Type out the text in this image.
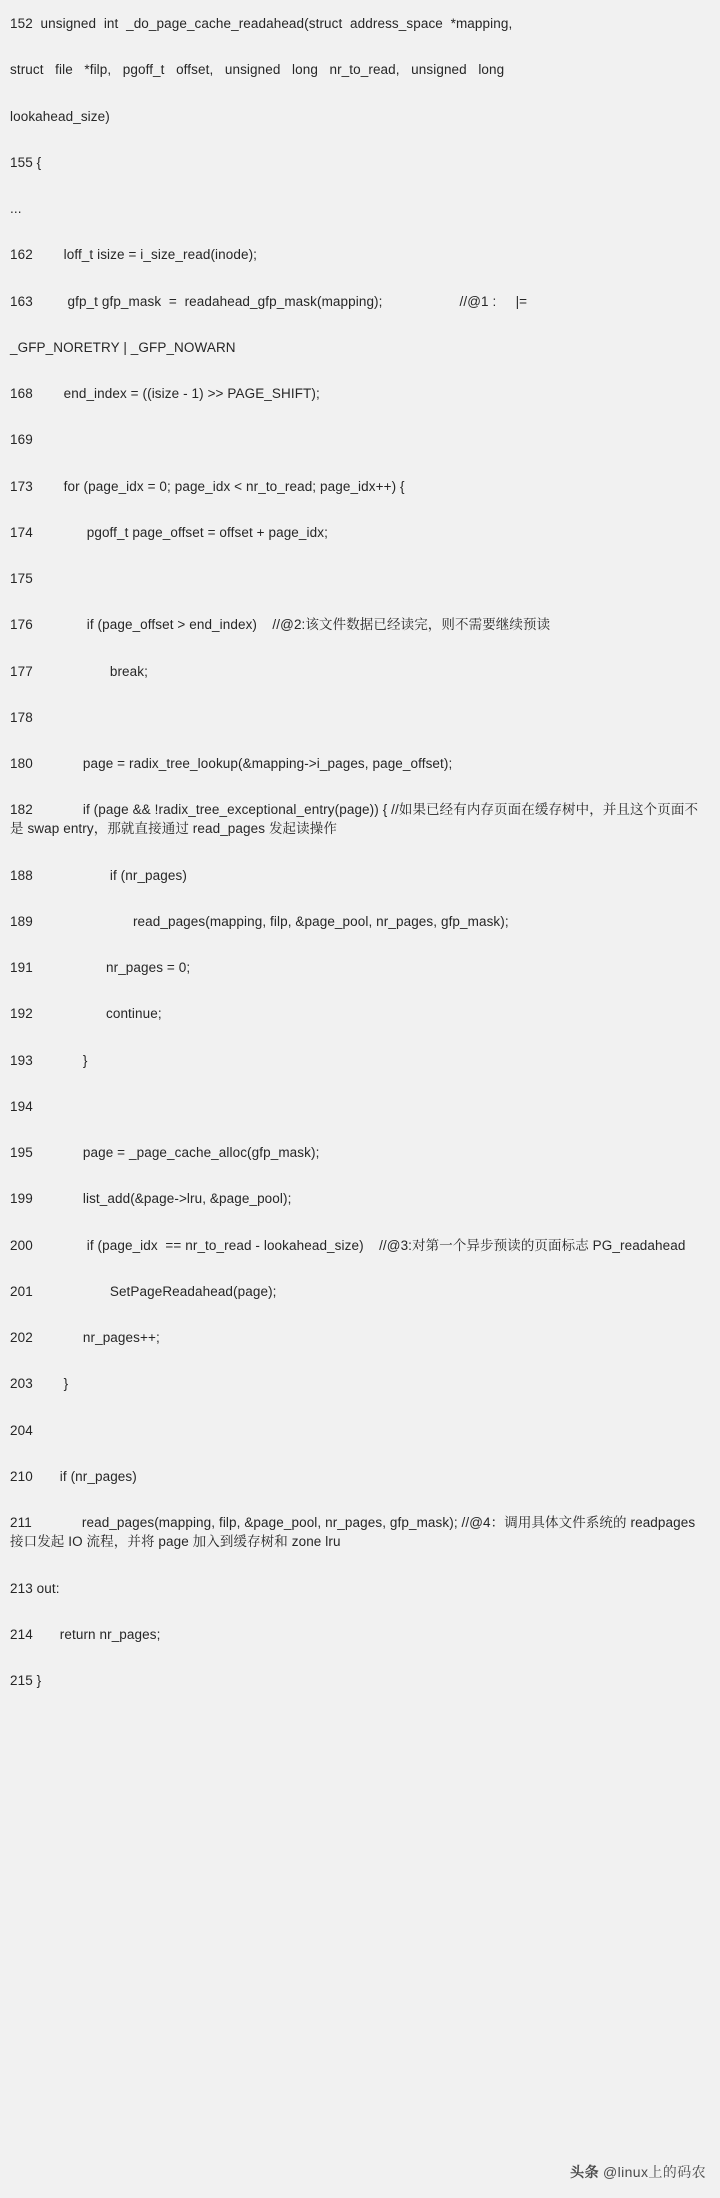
152  unsigned  int  _do_page_cache_readahead(struct  address_space  *mapping,
struct   file   *filp,   pgoff_t   offset,   unsigned   long   nr_to_read,   unsigned   long
lookahead_size)
155 {
...
162        loff_t isize = i_size_read(inode);
163         gfp_t gfp_mask  =  readahead_gfp_mask(mapping);                    //@1 :     |=
_GFP_NORETRY | _GFP_NOWARN
168        end_index = ((isize - 1) >> PAGE_SHIFT);
169
173        for (page_idx = 0; page_idx < nr_to_read; page_idx++) {
174              pgoff_t page_offset = offset + page_idx;
175
176              if (page_offset > end_index)    //@2:该文件数据已经读完，则不需要继续预读
177                    break;
178
180             page = radix_tree_lookup(&mapping->i_pages, page_offset);
182             if (page && !radix_tree_exceptional_entry(page)) { //如果已经有内存页面在缓存树中，并且这个页面不是 swap entry，那就直接通过 read_pages 发起读操作
188                    if (nr_pages)
189                          read_pages(mapping, filp, &page_pool, nr_pages, gfp_mask);
191                   nr_pages = 0;
192                   continue;
193             }
194
195             page = _page_cache_alloc(gfp_mask);
199             list_add(&page->lru, &page_pool);
200              if (page_idx  == nr_to_read - lookahead_size)    //@3:对第一个异步预读的页面标志 PG_readahead
201                    SetPageReadahead(page);
202             nr_pages++;
203        }
204
210       if (nr_pages)
211             read_pages(mapping, filp, &page_pool, nr_pages, gfp_mask); //@4：调用具体文件系统的 readpages 接口发起 IO 流程，并将 page 加入到缓存树和 zone lru
213 out:
214       return nr_pages;
215 }
头条 @linux上的码农
